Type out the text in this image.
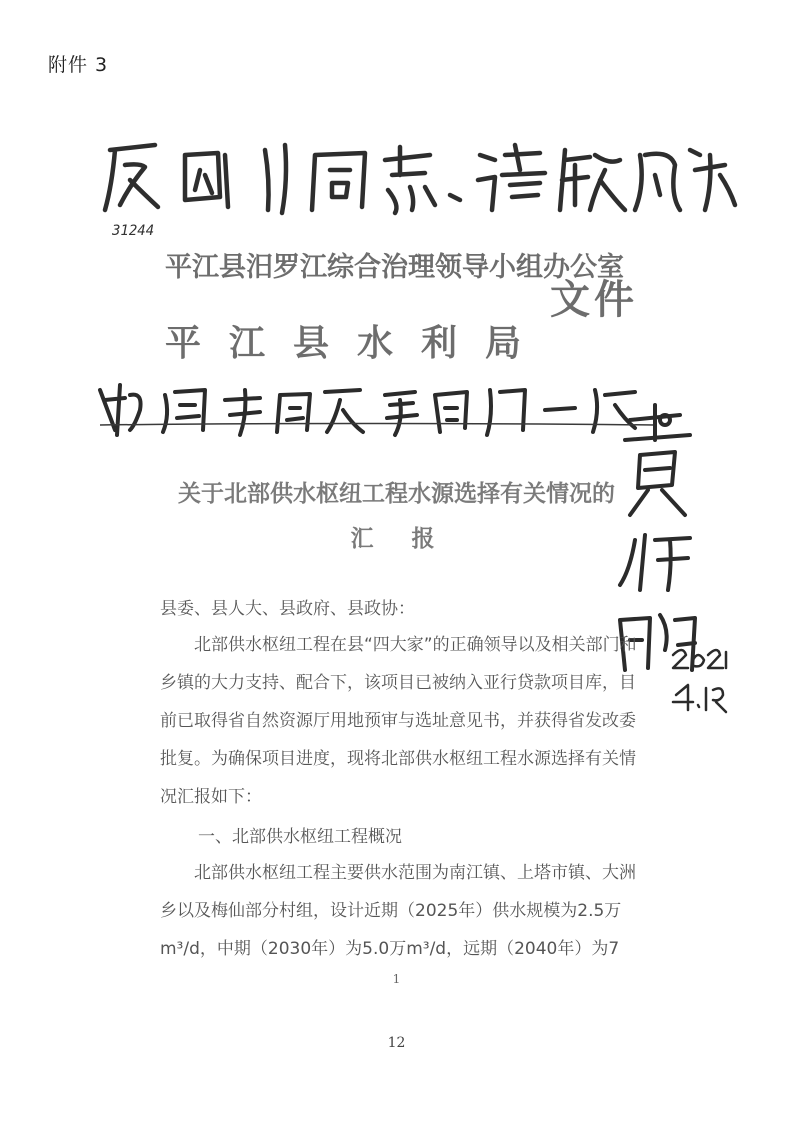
附件 3
31244
平江县汨罗江综合治理领导小组办公室
平江县水利局
文件
关于北部供水枢纽工程水源选择有关情况的
汇报
县委、县人大、县政府、县政协：

北部供水枢纽工程在县“四大家”的正确领导以及相关部门和乡镇的大力支持、配合下，该项目已被纳入亚行贷款项目库，目前已取得省自然资源厅用地预审与选址意见书，并获得省发改委批复。为确保项目进度，现将北部供水枢纽工程水源选择有关情况汇报如下：

一、北部供水枢纽工程概况

北部供水枢纽工程主要供水范围为南江镇、上塔市镇、大洲乡以及梅仙部分村组，设计近期（2025年）供水规模为2.5万m³/d，中期（2030年）为5.0万m³/d，远期（2040年）为7

1
12
